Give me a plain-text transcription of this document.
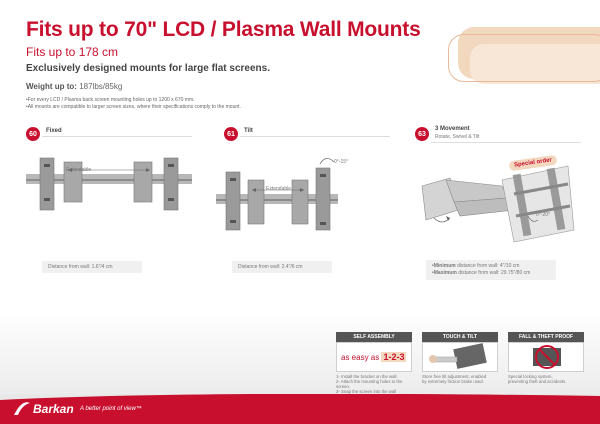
Fits up to 70" LCD / Plasma Wall Mounts
Fits up to 178 cm
Exclusively designed mounts for large flat screens.
Weight up to: 187lbs/85kg
•For every LCD / Plasma back screen mounting holes up to 1200 x 670 mm.
•All mounts are compatible to larger screen sizes, where their specifications comply to the mount.
60	Fixed
Extendable
Distance from wall: 1.6"/4 cm
61	Tilt
0°-15°
Extendable
Distance from wall: 2.4"/6 cm
63
3 Movement
Rotate, Swivel & Tilt
Special order
0°-20°
•Minimum distance from wall: 4"/10 cm
•Maximum distance from wall: 29.75"/80 cm
SELF ASSEMBLY
as easy as 1-2-3
1- Install the bracket on the wall.
2- Attach the mounting holes to the screen.
3- Snap the screen into the wall
TOUCH & TILT
Store free tilt adjustment, enabled
by extremely friction brake used.
FALL & THEFT PROOF
Special locking system,
preventing theft and accidents.
Barkan A better point of view™
